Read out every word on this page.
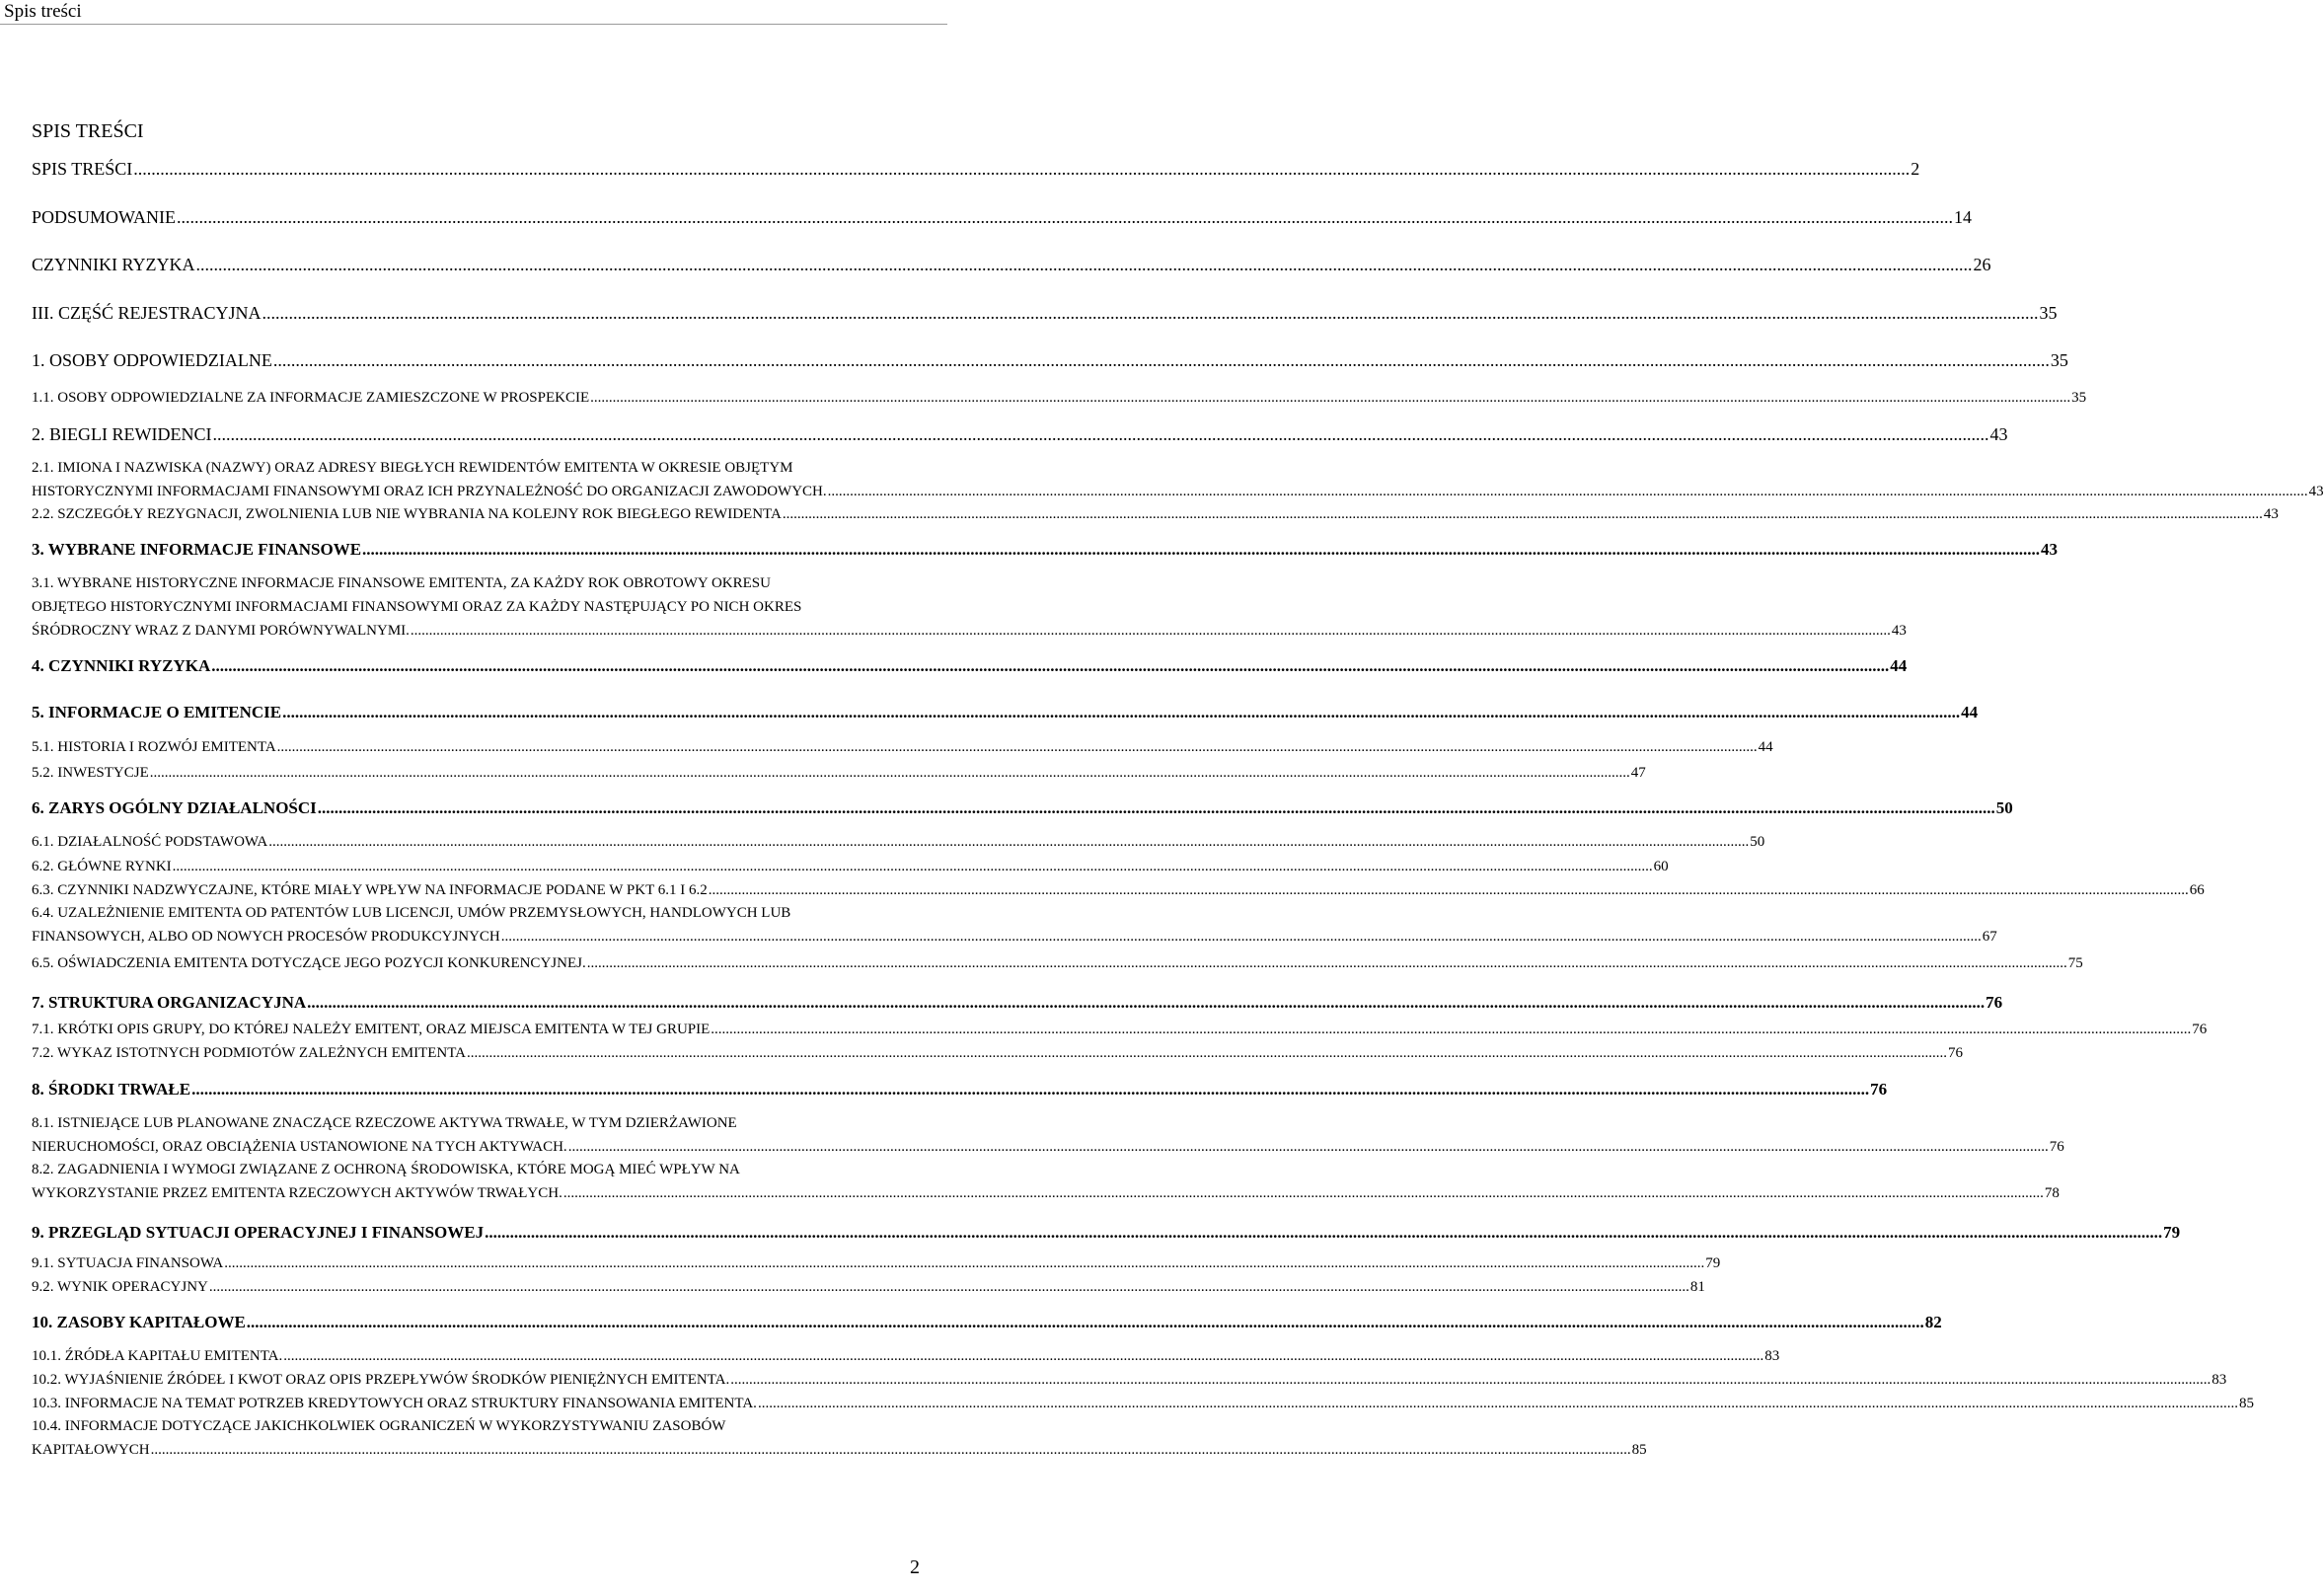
Spis treści
SPIS TREŚCI
SPIS TREŚCI ................................................................................................................................................................................................................................................................................................................................................................................................................ 2
PODSUMOWANIE ................................................................................................................................................................................................................................................................................................................................................................................................................ 14
CZYNNIKI RYZYKA ................................................................................................................................................................................................................................................................................................................................................................................................................ 26
III. CZĘŚĆ REJESTRACYJNA ................................................................................................................................................................................................................................................................................................................................................................................................................ 35
1. OSOBY ODPOWIEDZIALNE ................................................................................................................................................................................................................................................................................................................................................................................................................ 35
1.1. OSOBY ODPOWIEDZIALNE ZA INFORMACJE ZAMIESZCZONE W PROSPEKCIE ................................................................................................................................................................................................................................................................................................................................................................................................................ 35
2. BIEGLI REWIDENCI ................................................................................................................................................................................................................................................................................................................................................................................................................ 43
2.1. IMIONA I NAZWISKA (NAZWY) ORAZ ADRESY BIEGŁYCH REWIDENTÓW EMITENTA W OKRESIE OBJĘTYM
HISTORYCZNYMI INFORMACJAMI FINANSOWYMI ORAZ ICH PRZYNALEŻNOŚĆ DO ORGANIZACJI ZAWODOWYCH. ................................................................................................................................................................................................................................................................................................................................................................................................................ 43
2.2. SZCZEGÓŁY REZYGNACJI, ZWOLNIENIA LUB NIE WYBRANIA NA KOLEJNY ROK BIEGŁEGO REWIDENTA ................................................................................................................................................................................................................................................................................................................................................................................................................ 43
3. WYBRANE INFORMACJE FINANSOWE ................................................................................................................................................................................................................................................................................................................................................................................................................ 43
3.1. WYBRANE HISTORYCZNE INFORMACJE FINANSOWE EMITENTA, ZA KAŻDY ROK OBROTOWY OKRESU
OBJĘTEGO HISTORYCZNYMI INFORMACJAMI FINANSOWYMI ORAZ ZA KAŻDY NASTĘPUJĄCY PO NICH OKRES
ŚRÓDROCZNY WRAZ Z DANYMI PORÓWNYWALNYMI. ................................................................................................................................................................................................................................................................................................................................................................................................................ 43
4. CZYNNIKI RYZYKA ................................................................................................................................................................................................................................................................................................................................................................................................................ 44
5. INFORMACJE O EMITENCIE ................................................................................................................................................................................................................................................................................................................................................................................................................ 44
5.1. HISTORIA I ROZWÓJ EMITENTA ................................................................................................................................................................................................................................................................................................................................................................................................................ 44
5.2. INWESTYCJE ................................................................................................................................................................................................................................................................................................................................................................................................................ 47
6. ZARYS OGÓLNY DZIAŁALNOŚCI ................................................................................................................................................................................................................................................................................................................................................................................................................ 50
6.1. DZIAŁALNOŚĆ PODSTAWOWA ................................................................................................................................................................................................................................................................................................................................................................................................................ 50
6.2. GŁÓWNE RYNKI ................................................................................................................................................................................................................................................................................................................................................................................................................ 60
6.3. CZYNNIKI NADZWYCZAJNE, KTÓRE MIAŁY WPŁYW NA INFORMACJE PODANE W PKT 6.1 I 6.2 ................................................................................................................................................................................................................................................................................................................................................................................................................ 66
6.4. UZALEŻNIENIE EMITENTA OD PATENTÓW LUB LICENCJI, UMÓW PRZEMYSŁOWYCH, HANDLOWYCH LUB
FINANSOWYCH, ALBO OD NOWYCH PROCESÓW PRODUKCYJNYCH ................................................................................................................................................................................................................................................................................................................................................................................................................ 67
6.5. OŚWIADCZENIA EMITENTA DOTYCZĄCE JEGO POZYCJI KONKURENCYJNEJ. ................................................................................................................................................................................................................................................................................................................................................................................................................ 75
7. STRUKTURA ORGANIZACYJNA ................................................................................................................................................................................................................................................................................................................................................................................................................ 76
7.1. KRÓTKI OPIS GRUPY, DO KTÓREJ NALEŻY EMITENT, ORAZ MIEJSCA EMITENTA W TEJ GRUPIE ................................................................................................................................................................................................................................................................................................................................................................................................................ 76
7.2. WYKAZ ISTOTNYCH PODMIOTÓW ZALEŻNYCH EMITENTA ................................................................................................................................................................................................................................................................................................................................................................................................................ 76
8. ŚRODKI TRWAŁE ................................................................................................................................................................................................................................................................................................................................................................................................................ 76
8.1. ISTNIEJĄCE LUB PLANOWANE ZNACZĄCE RZECZOWE AKTYWA TRWAŁE, W TYM DZIERŻAWIONE
NIERUCHOMOŚCI, ORAZ OBCIĄŻENIA USTANOWIONE NA TYCH AKTYWACH. ................................................................................................................................................................................................................................................................................................................................................................................................................ 76
8.2. ZAGADNIENIA I WYMOGI ZWIĄZANE Z OCHRONĄ ŚRODOWISKA, KTÓRE MOGĄ MIEĆ WPŁYW NA
WYKORZYSTANIE PRZEZ EMITENTA RZECZOWYCH AKTYWÓW TRWAŁYCH. ................................................................................................................................................................................................................................................................................................................................................................................................................ 78
9. PRZEGLĄD SYTUACJI OPERACYJNEJ I FINANSOWEJ ................................................................................................................................................................................................................................................................................................................................................................................................................ 79
9.1. SYTUACJA FINANSOWA ................................................................................................................................................................................................................................................................................................................................................................................................................ 79
9.2. WYNIK OPERACYJNY ................................................................................................................................................................................................................................................................................................................................................................................................................ 81
10. ZASOBY KAPITAŁOWE ................................................................................................................................................................................................................................................................................................................................................................................................................ 82
10.1. ŹRÓDŁA KAPITAŁU EMITENTA. ................................................................................................................................................................................................................................................................................................................................................................................................................ 83
10.2. WYJAŚNIENIE ŹRÓDEŁ I KWOT ORAZ OPIS PRZEPŁYWÓW ŚRODKÓW PIENIĘŻNYCH EMITENTA. ................................................................................................................................................................................................................................................................................................................................................................................................................ 83
10.3. INFORMACJE NA TEMAT POTRZEB KREDYTOWYCH ORAZ STRUKTURY FINANSOWANIA EMITENTA. ................................................................................................................................................................................................................................................................................................................................................................................................................ 85
10.4. INFORMACJE DOTYCZĄCE JAKICHKOLWIEK OGRANICZEŃ W WYKORZYSTYWANIU ZASOBÓW
KAPITAŁOWYCH ................................................................................................................................................................................................................................................................................................................................................................................................................ 85
2
